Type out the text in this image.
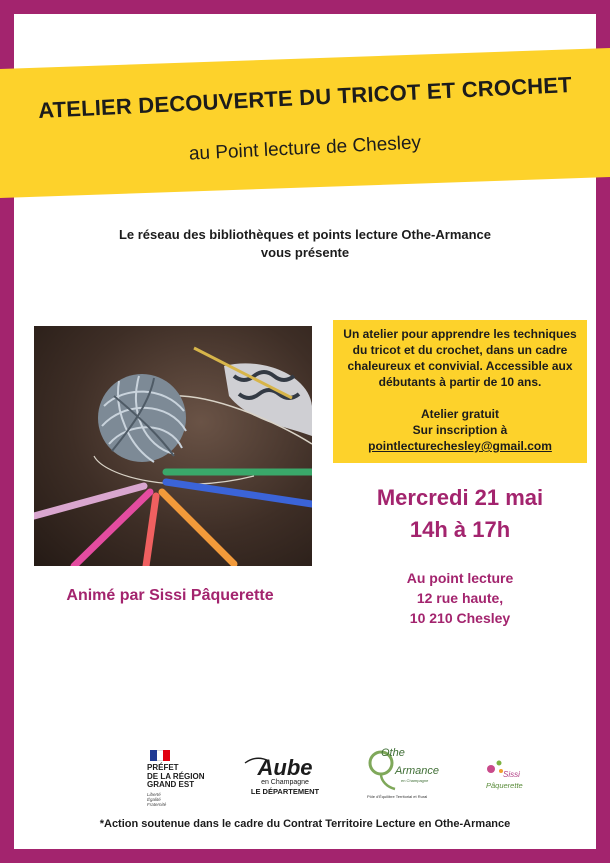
ATELIER DECOUVERTE DU TRICOT ET CROCHET
au Point lecture de Chesley
Le réseau des bibliothèques et points lecture Othe-Armance
vous présente
Un atelier pour apprendre les techniques
du tricot et du crochet, dans un cadre
chaleureux et convivial. Accessible aux
débutants à partir de 10 ans.
Atelier gratuit
Sur inscription à
pointlecturechesley@gmail.com
Mercredi 21 mai
14h à 17h
Animé par Sissi Pâquerette
Au point lecture
12 rue haute,
10 210 Chesley
PRÉFET
DE LA RÉGION
GRAND EST
Liberté
Égalité
Fraternité
Aube
en Champagne
LE DÉPARTEMENT
Othe
Armance
en Champagne
Pôle d'Équilibre Territorial et Rural
Sissi
Pâquerette
*Action soutenue dans le cadre du Contrat Territoire Lecture en Othe-Armance
